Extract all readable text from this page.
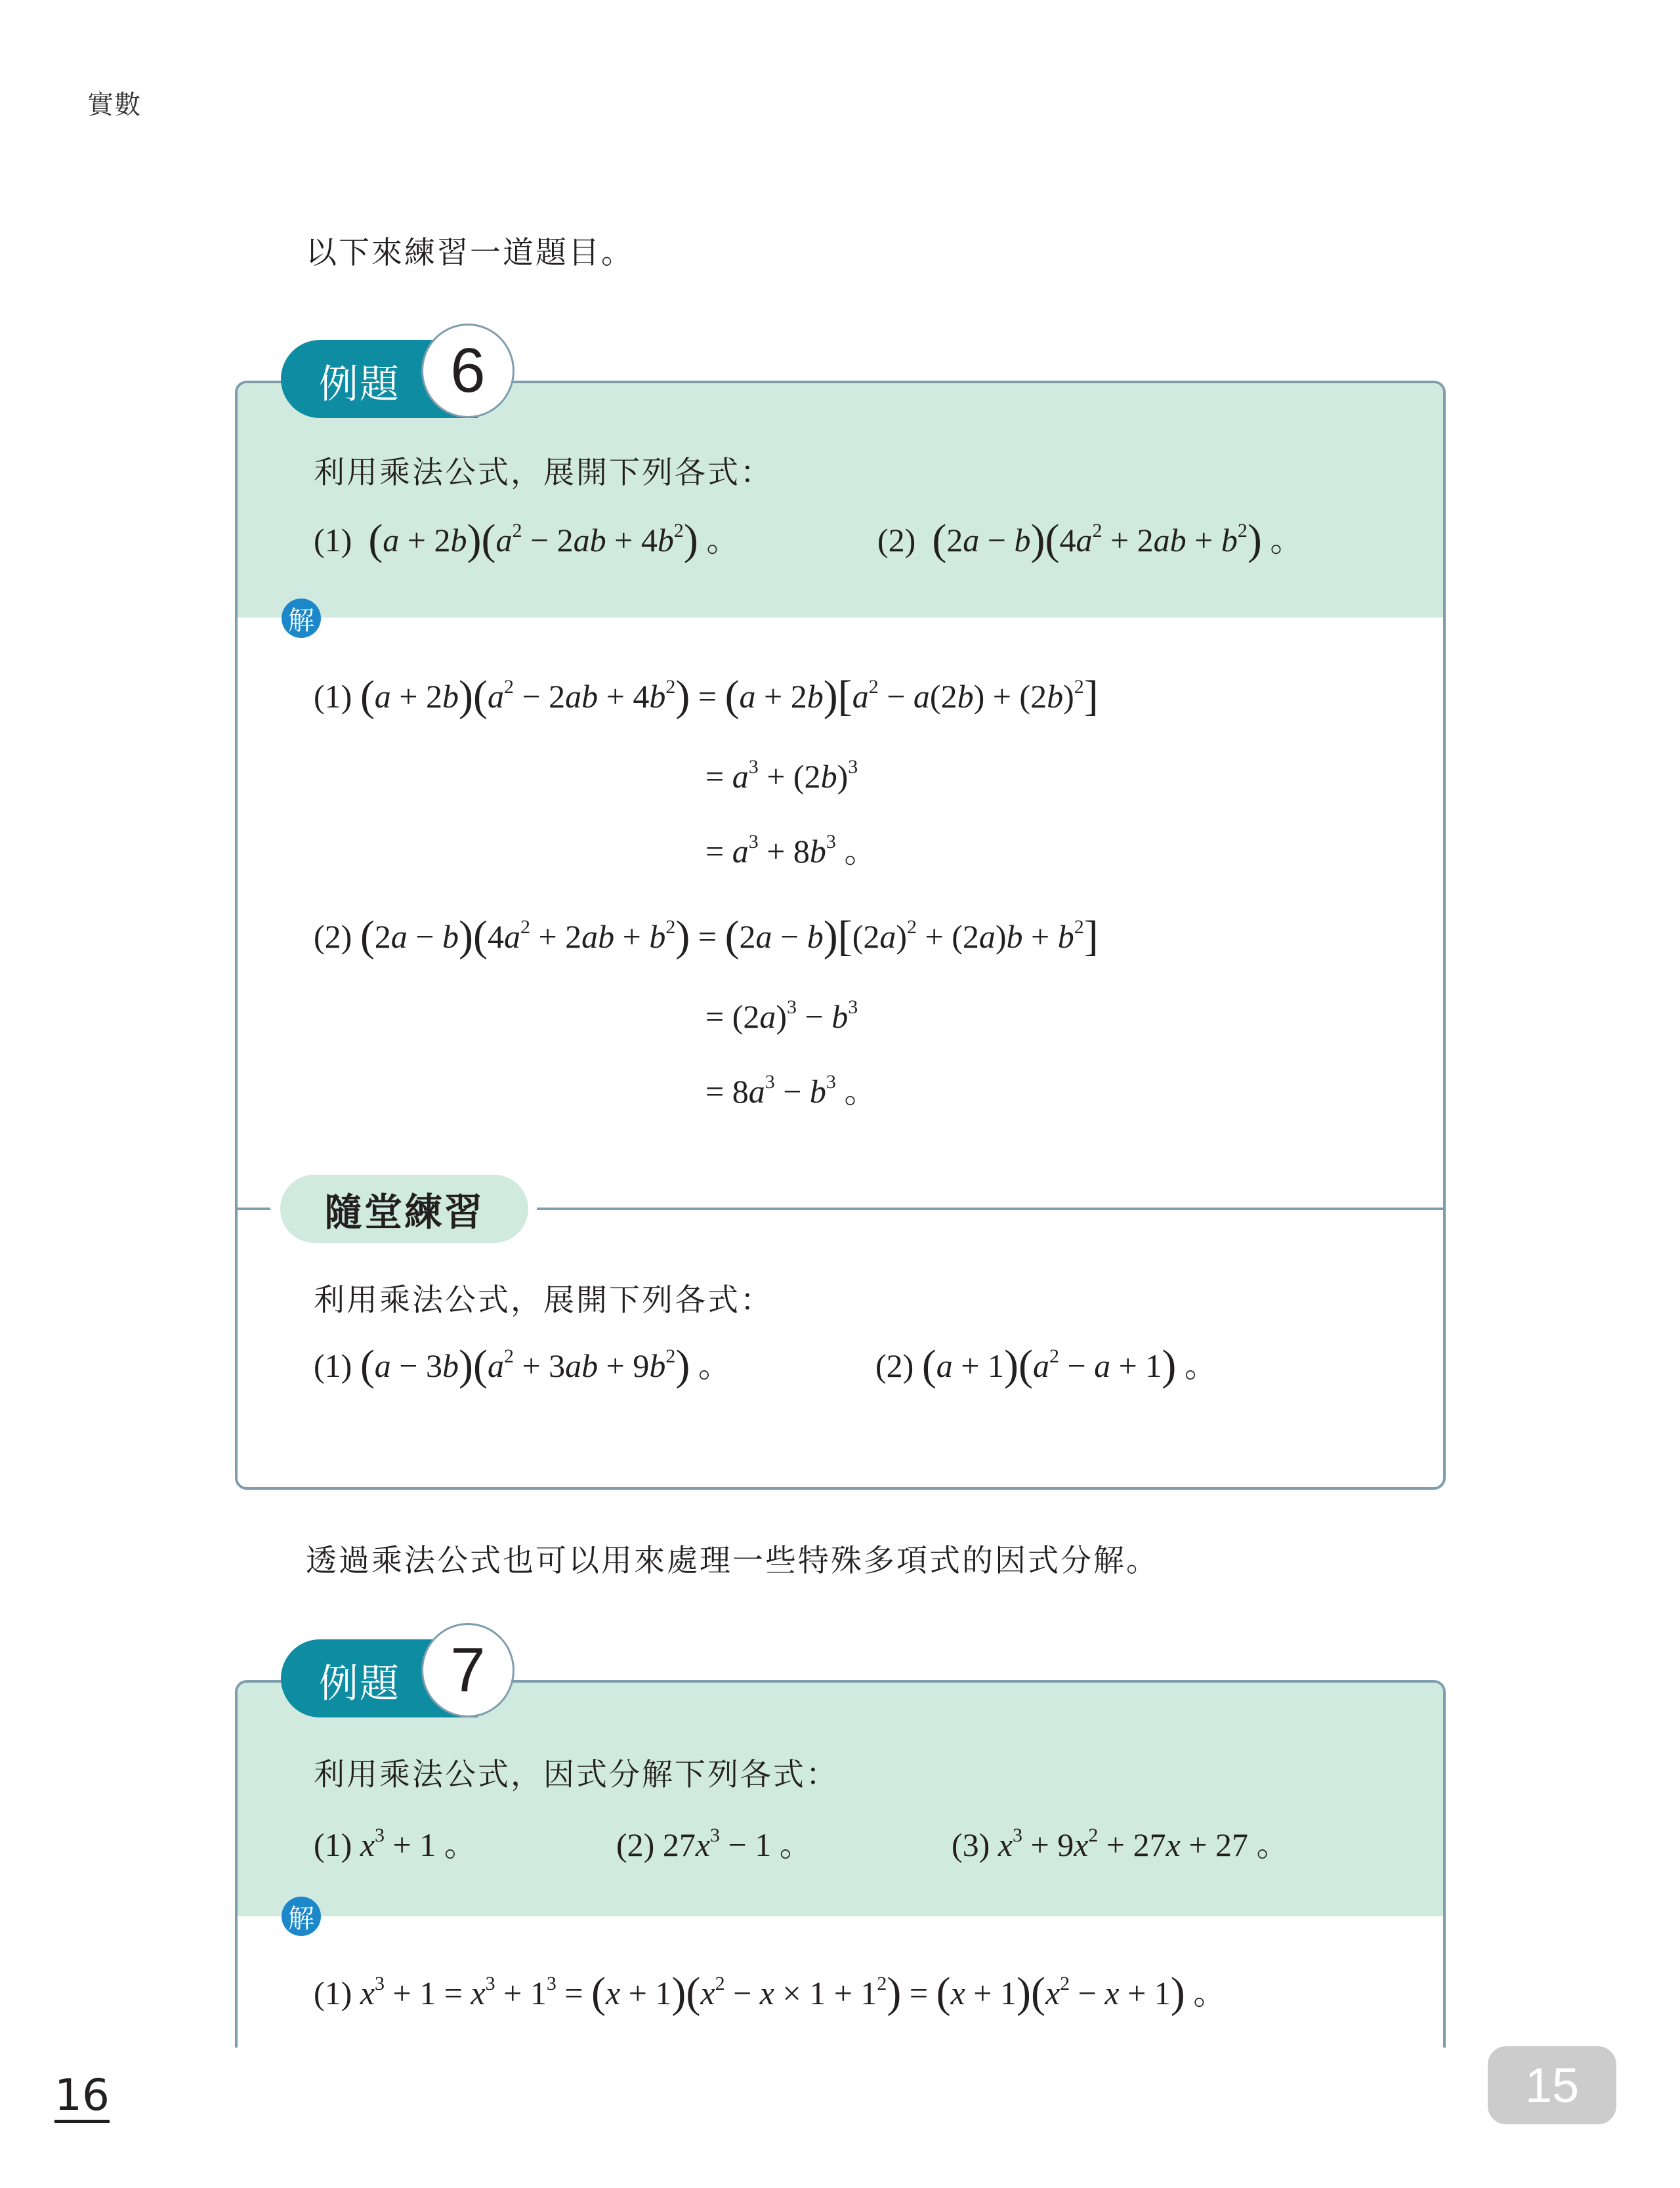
實數
以下來練習一道題目。
利用乘法公式，展開下列各式：
(1) $(a + 2b)(a^2 - 2ab + 4b^2)$ 。	(2) $(2a - b)(4a^2 + 2ab + b^2)$ 。
解
(1) $(a + 2b)(a^2 - 2ab + 4b^2) = (a + 2b)[a^2 - a(2b) + (2b)^2]$
= $a^3 + (2b)^3$
= $a^3 + 8b^3$ 。
(2) $(2a - b)(4a^2 + 2ab + b^2) = (2a - b)[(2a)^2 + (2a)b + b^2]$
= $(2a)^3 - b^3$
= $8a^3 - b^3$ 。
隨堂練習
利用乘法公式，展開下列各式：
(1) $(a - 3b)(a^2 + 3ab + 9b^2)$ 。	(2) $(a + 1)(a^2 - a + 1)$ 。
例題 6
透過乘法公式也可以用來處理一些特殊多項式的因式分解。
利用乘法公式，因式分解下列各式：
(1) $x^3 + 1$ 。	(2) $27x^3 - 1$ 。	(3) $x^3 + 9x^2 + 27x + 27$ 。
解
(1) $x^3 + 1 = x^3 + 1^3 = (x + 1)(x^2 - x \times 1 + 1^2) = (x + 1)(x^2 - x + 1)$ 。
例題 7
16	15
